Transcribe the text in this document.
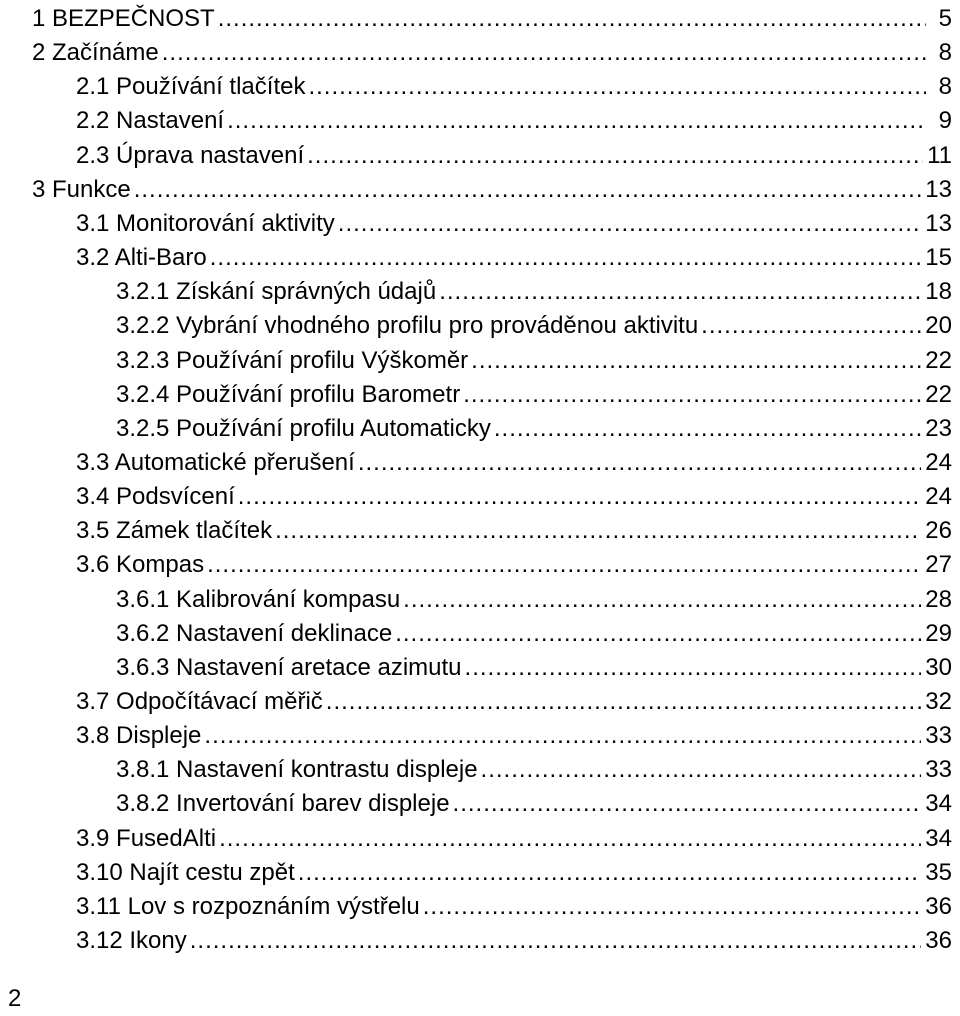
1 BEZPEČNOST .....	5
2 Začínáme .....	8
2.1 Používání tlačítek .....	8
2.2 Nastavení .....	9
2.3 Úprava nastavení .....	11
3 Funkce .....	13
3.1 Monitorování aktivity .....	13
3.2 Alti-Baro .....	15
3.2.1 Získání správných údajů .....	18
3.2.2 Vybrání vhodného profilu pro prováděnou aktivitu .....	20
3.2.3 Používání profilu Výškoměr .....	22
3.2.4 Používání profilu Barometr .....	22
3.2.5 Používání profilu Automaticky .....	23
3.3 Automatické přerušení .....	24
3.4 Podsvícení .....	24
3.5 Zámek tlačítek .....	26
3.6 Kompas .....	27
3.6.1 Kalibrování kompasu .....	28
3.6.2 Nastavení deklinace .....	29
3.6.3 Nastavení aretace azimutu .....	30
3.7 Odpočítávací měřič .....	32
3.8 Displeje .....	33
3.8.1 Nastavení kontrastu displeje .....	33
3.8.2 Invertování barev displeje .....	34
3.9 FusedAlti .....	34
3.10 Najít cestu zpět .....	35
3.11 Lov s rozpoznáním výstřelu .....	36
3.12 Ikony .....	36
2
